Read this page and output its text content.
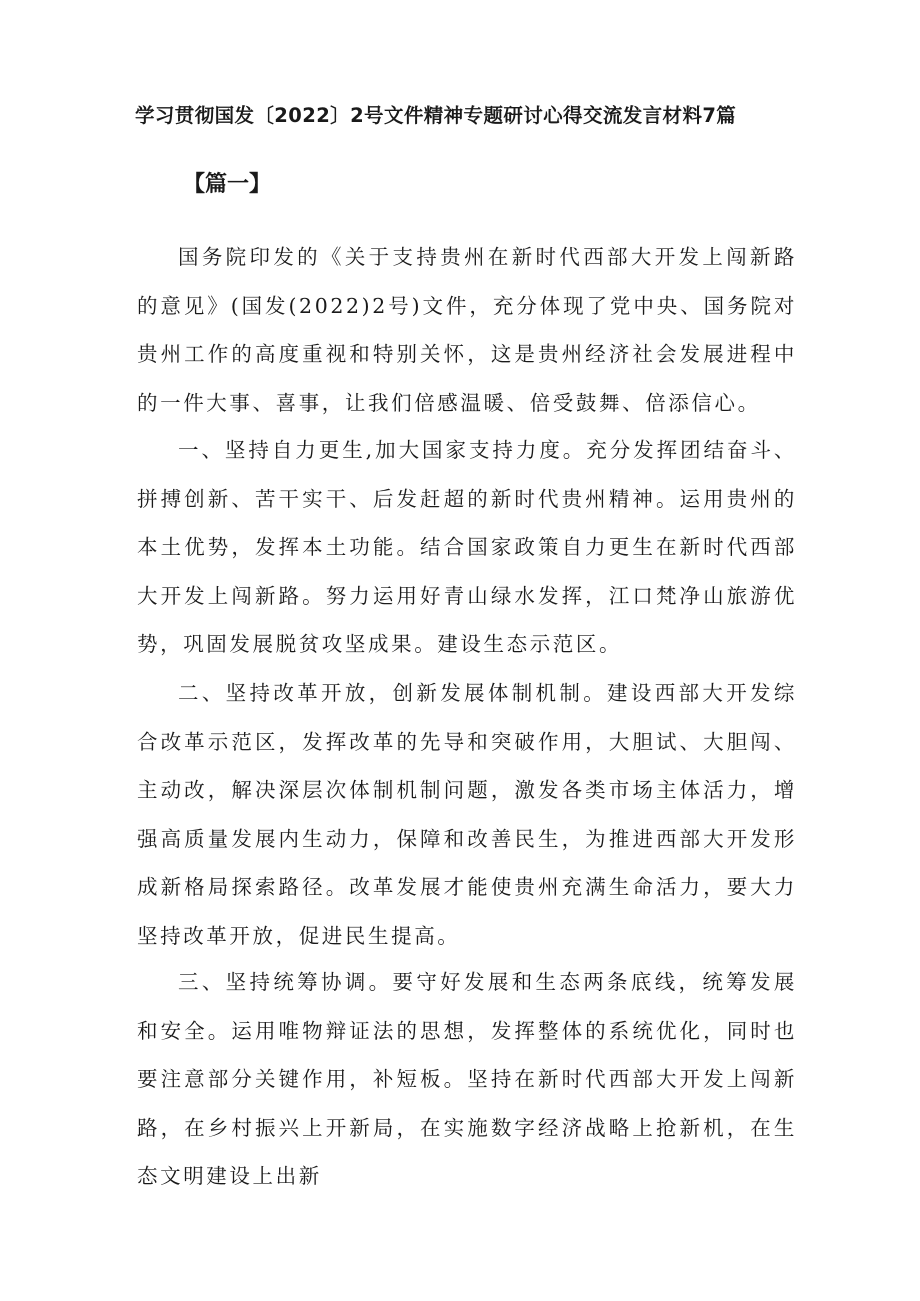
学习贯彻国发〔2022〕2号文件精神专题研讨心得交流发言材料7篇
【篇一】

国务院印发的《关于支持贵州在新时代西部大开发上闯新路的意见》(国发(2022)2号)文件，充分体现了党中央、国务院对贵州工作的高度重视和特别关怀，这是贵州经济社会发展进程中的一件大事、喜事，让我们倍感温暖、倍受鼓舞、倍添信心。

一、坚持自力更生,加大国家支持力度。充分发挥团结奋斗、拼搏创新、苦干实干、后发赶超的新时代贵州精神。运用贵州的本土优势，发挥本土功能。结合国家政策自力更生在新时代西部大开发上闯新路。努力运用好青山绿水发挥，江口梵净山旅游优势，巩固发展脱贫攻坚成果。建设生态示范区。

二、坚持改革开放，创新发展体制机制。建设西部大开发综合改革示范区，发挥改革的先导和突破作用，大胆试、大胆闯、主动改，解决深层次体制机制问题，激发各类市场主体活力，增强高质量发展内生动力，保障和改善民生，为推进西部大开发形成新格局探索路径。改革发展才能使贵州充满生命活力，要大力坚持改革开放，促进民生提高。

三、坚持统筹协调。要守好发展和生态两条底线，统筹发展和安全。运用唯物辩证法的思想，发挥整体的系统优化，同时也要注意部分关键作用，补短板。坚持在新时代西部大开发上闯新路，在乡村振兴上开新局，在实施数字经济战略上抢新机，在生态文明建设上出新
